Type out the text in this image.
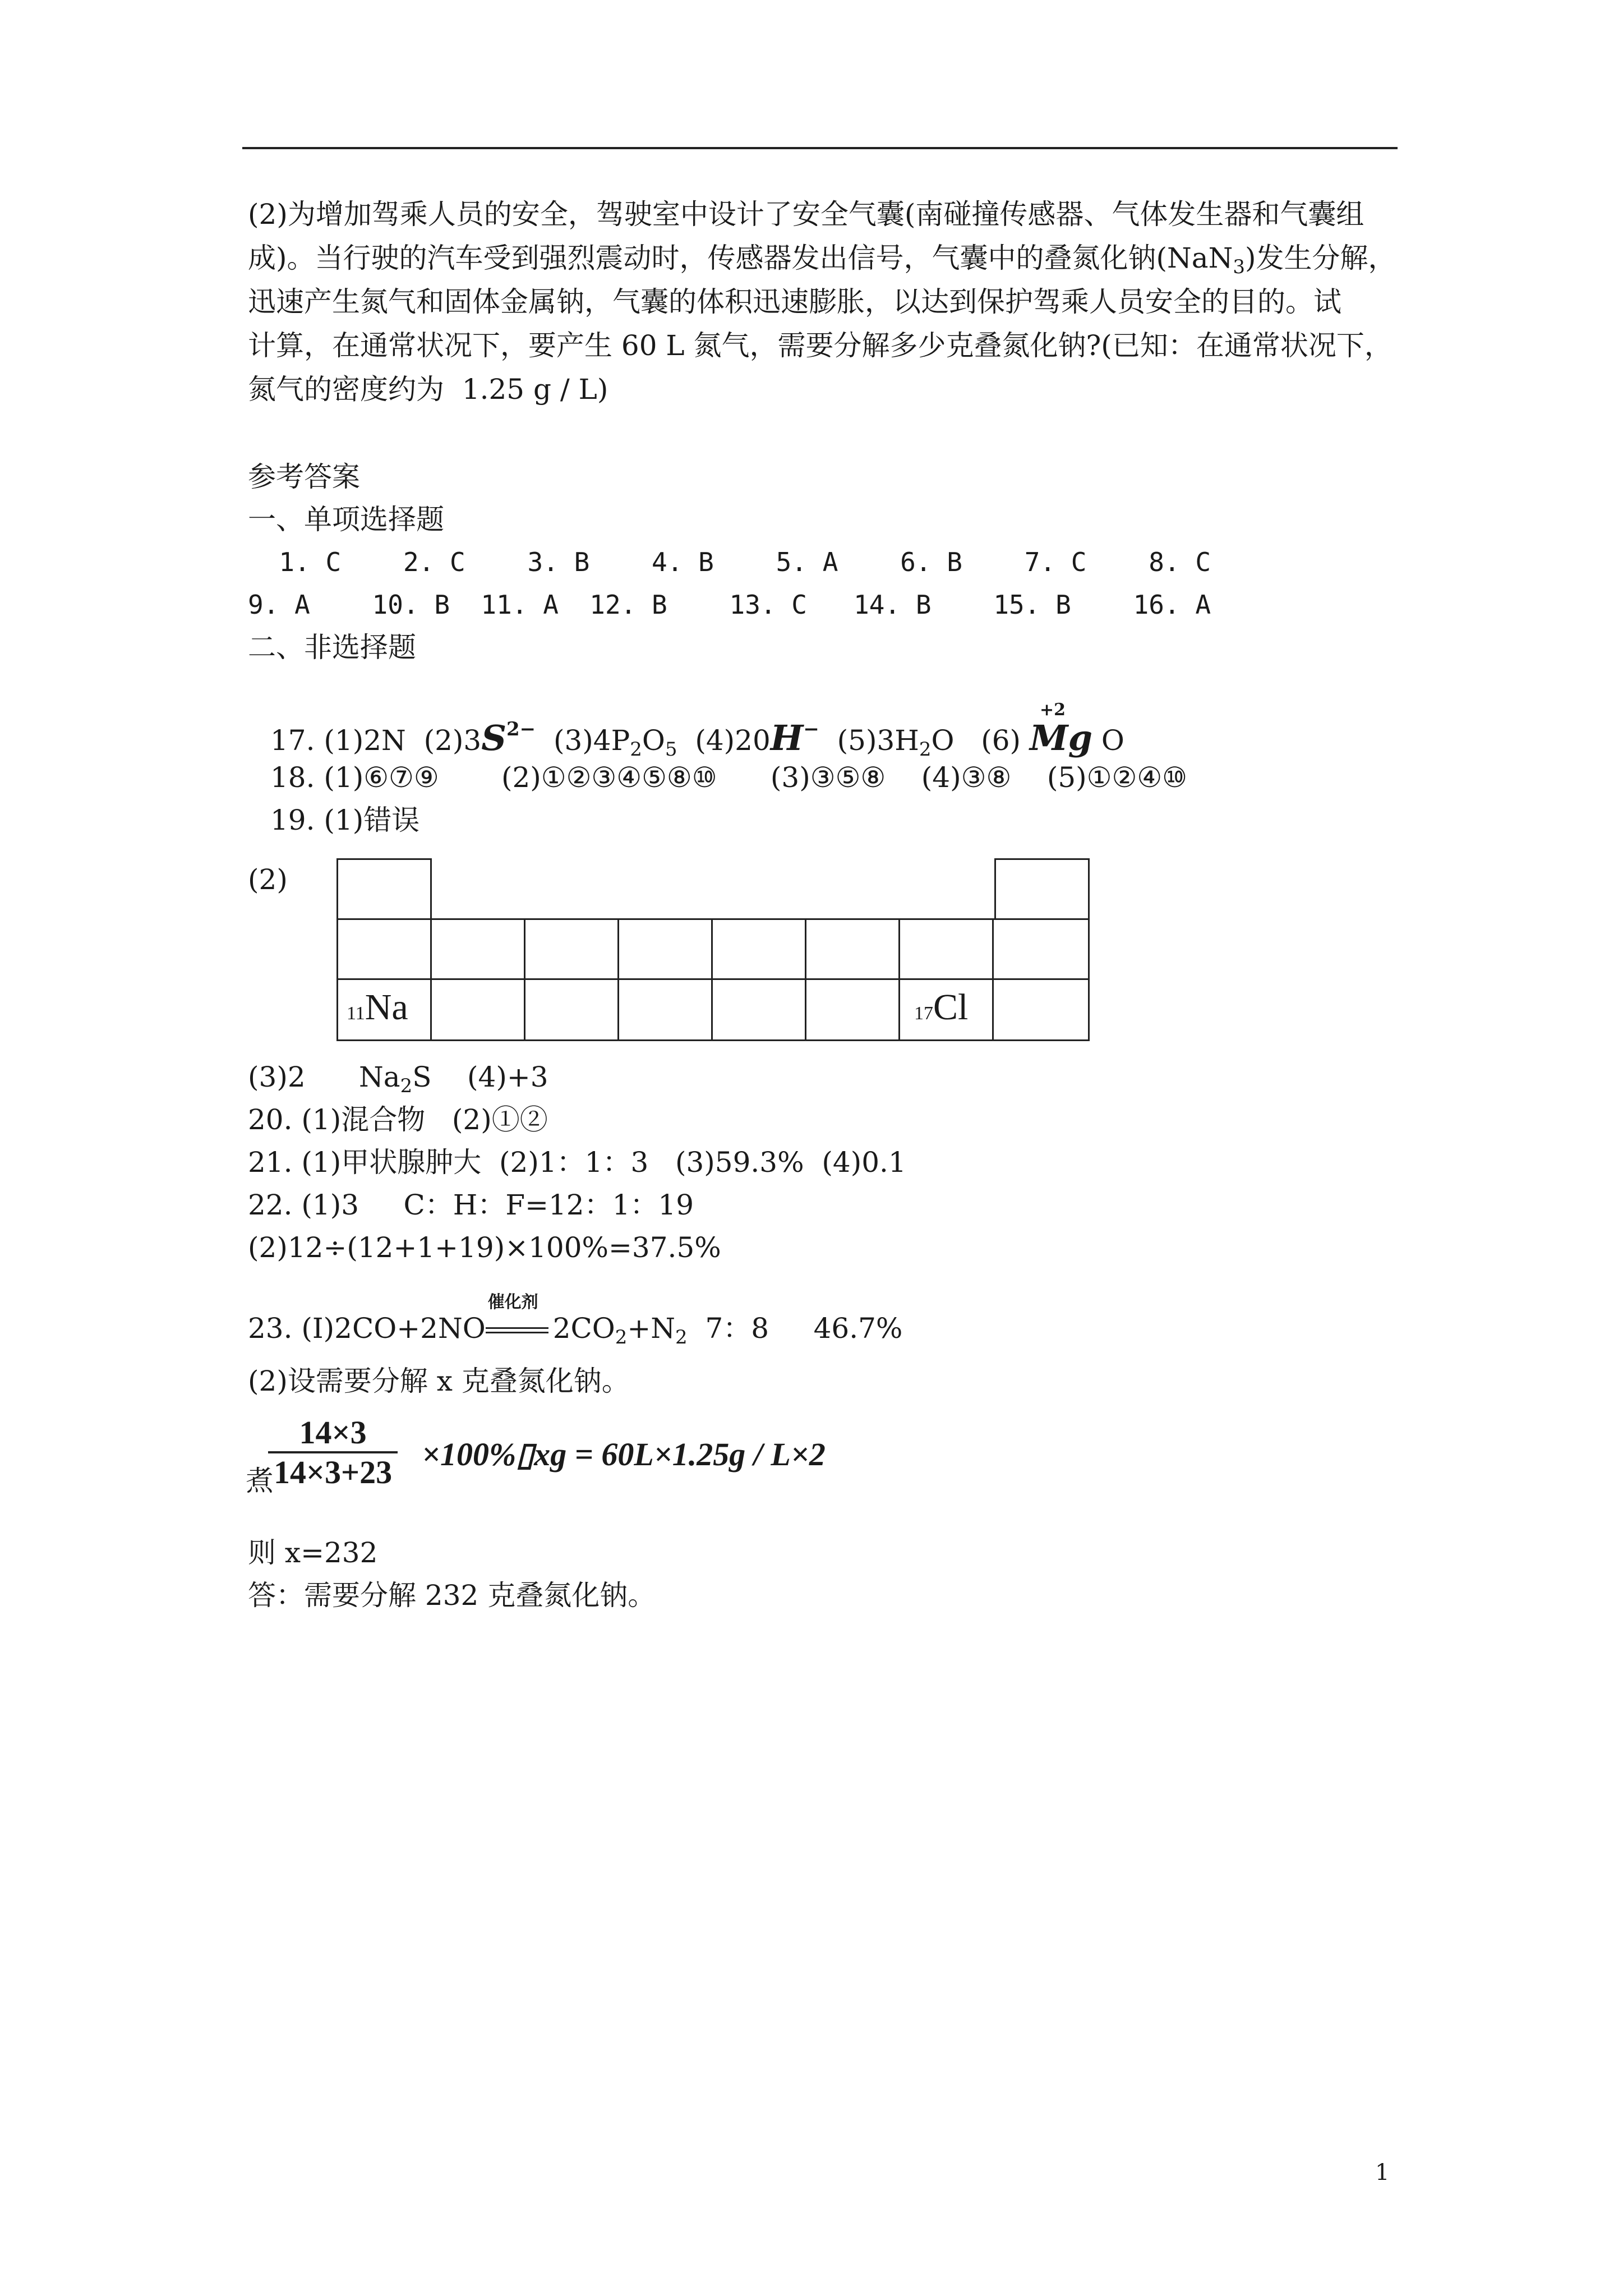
(2)为增加驾乘人员的安全，驾驶室中设计了安全气囊(南碰撞传感器、气体发生器和气囊组
成)。当行驶的汽车受到强烈震动时，传感器发出信号，气囊中的叠氮化钠(NaN$_3$)发生分解，
迅速产生氮气和固体金属钠，气囊的体积迅速膨胀，以达到保护驾乘人员安全的目的。试
计算，在通常状况下，要产生 60 L 氮气，需要分解多少克叠氮化钠?(已知：在通常状况下，
氮气的密度约为  1.25 g / L)
参考答案
一、单项选择题
1. C    2. C    3. B    4. B    5. A    6. B    7. C    8. C
9. A    10. B  11. A  12. B    13. C   14. B    15. B    16. A
二、非选择题
17. (1)2N  $(2)3S^{2-}$  $(3)4P_2O_5$  (4)20H−  $(5)3H_2O$   (6)
+2
Mg O
18. (1)⑥⑦⑨       (2)①②③④⑤⑧⑩      (3)③⑤⑧    (4)③⑧    (5)①②④⑩
19. (1)错误
(2)
11Na	17Cl
(3)2      $Na_2S$    (4)+3
20. (1)混合物   (2)①②
21. (1)甲状腺肿大  (2)1：1：3   (3)59.3%  (4)0.1
22. (1)3     C：H：F=12：1：19
(2)12÷(12+1+19)×100%=37.5%
23. (I)2CO+2NO
催化剂
$2CO_2+N_2$  7：8     46.7%
(2)设需要分解 x 克叠氮化钠。
煮
$\frac{14\times 3}{14\times 3+23}$ ×100%▯xg = 60L×1.25g / L×2
则 x=232
答：需要分解 232 克叠氮化钠。
1
